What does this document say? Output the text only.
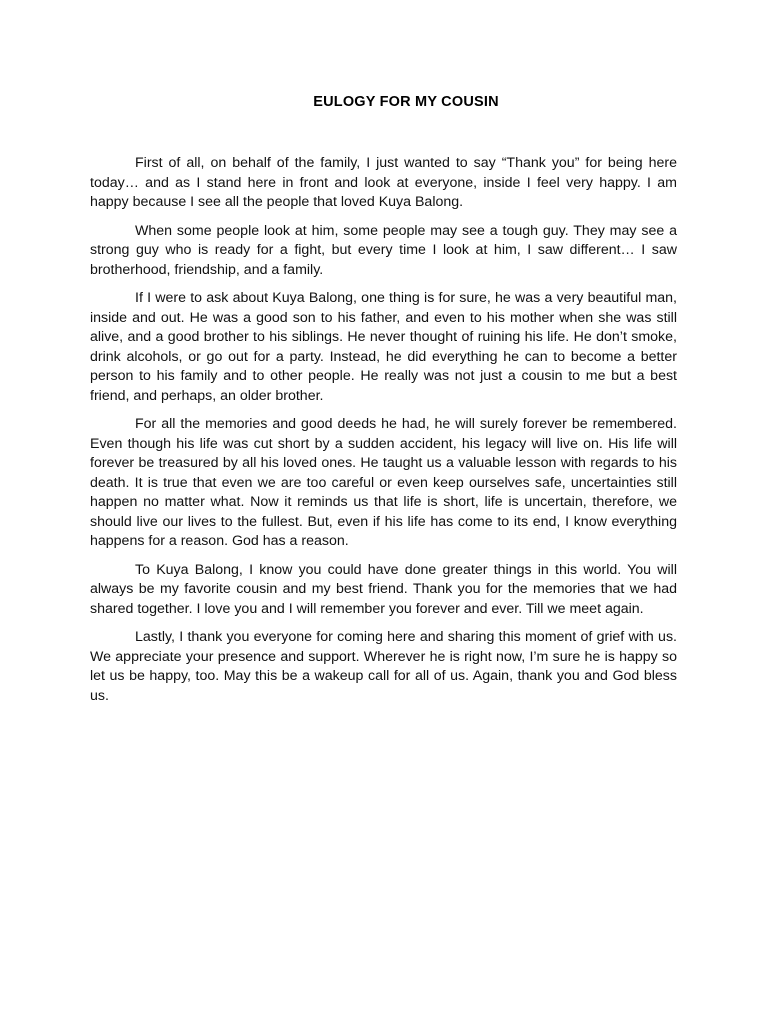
EULOGY FOR MY COUSIN

First of all, on behalf of the family, I just wanted to say “Thank you” for being here today… and as I stand here in front and look at everyone, inside I feel very happy. I am happy because I see all the people that loved Kuya Balong.

When some people look at him, some people may see a tough guy. They may see a strong guy who is ready for a fight, but every time I look at him, I saw different… I saw brotherhood, friendship, and a family.

If I were to ask about Kuya Balong, one thing is for sure, he was a very beautiful man, inside and out. He was a good son to his father, and even to his mother when she was still alive, and a good brother to his siblings. He never thought of ruining his life. He don’t smoke, drink alcohols, or go out for a party. Instead, he did everything he can to become a better person to his family and to other people. He really was not just a cousin to me but a best friend, and perhaps, an older brother.

For all the memories and good deeds he had, he will surely forever be remembered. Even though his life was cut short by a sudden accident, his legacy will live on. His life will forever be treasured by all his loved ones. He taught us a valuable lesson with regards to his death. It is true that even we are too careful or even keep ourselves safe, uncertainties still happen no matter what. Now it reminds us that life is short, life is uncertain, therefore, we should live our lives to the fullest. But, even if his life has come to its end, I know everything happens for a reason. God has a reason.

To Kuya Balong, I know you could have done greater things in this world. You will always be my favorite cousin and my best friend. Thank you for the memories that we had shared together. I love you and I will remember you forever and ever. Till we meet again.

Lastly, I thank you everyone for coming here and sharing this moment of grief with us. We appreciate your presence and support. Wherever he is right now, I’m sure he is happy so let us be happy, too. May this be a wakeup call for all of us. Again, thank you and God bless us.
